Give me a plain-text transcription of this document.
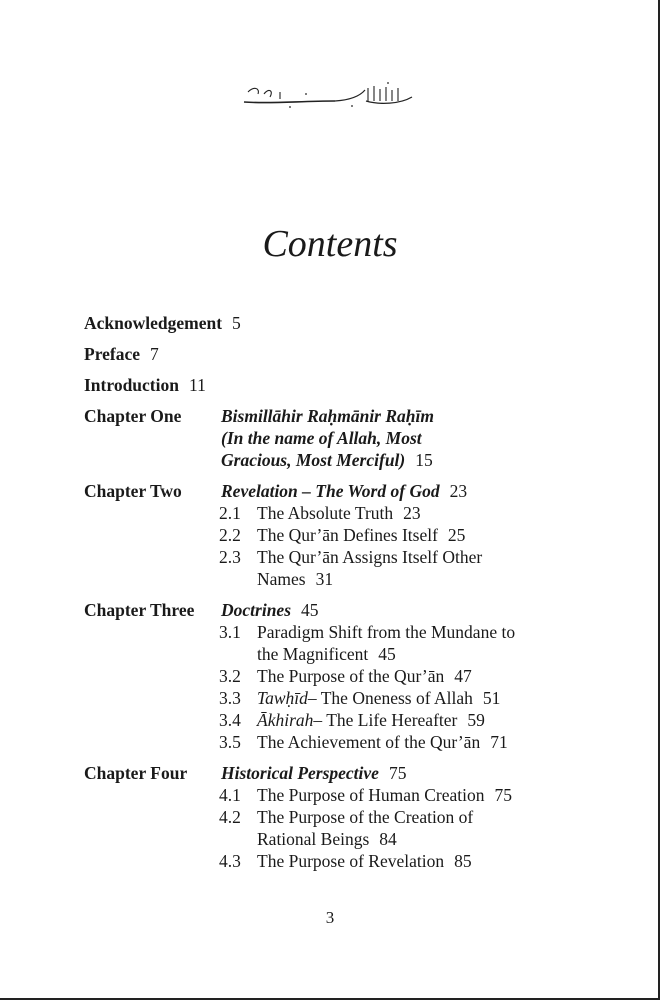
Contents
Acknowledgement 5
Preface 7
Introduction 11
Chapter One Bismillāhir Raḥmānir Raḥīm
(In the name of Allah, Most
Gracious, Most Merciful) 15
Chapter Two Revelation – The Word of God 23
2.1 The Absolute Truth 23
2.2 The Qur’ān Defines Itself 25
2.3 The Qur’ān Assigns Itself Other
Names 31
Chapter Three Doctrines 45
3.1 Paradigm Shift from the Mundane to
the Magnificent 45
3.2 The Purpose of the Qur’ān 47
3.3 Tawḥīd– The Oneness of Allah 51
3.4 Ākhirah– The Life Hereafter 59
3.5 The Achievement of the Qur’ān 71
Chapter Four Historical Perspective 75
4.1 The Purpose of Human Creation 75
4.2 The Purpose of the Creation of
Rational Beings 84
4.3 The Purpose of Revelation 85
3
